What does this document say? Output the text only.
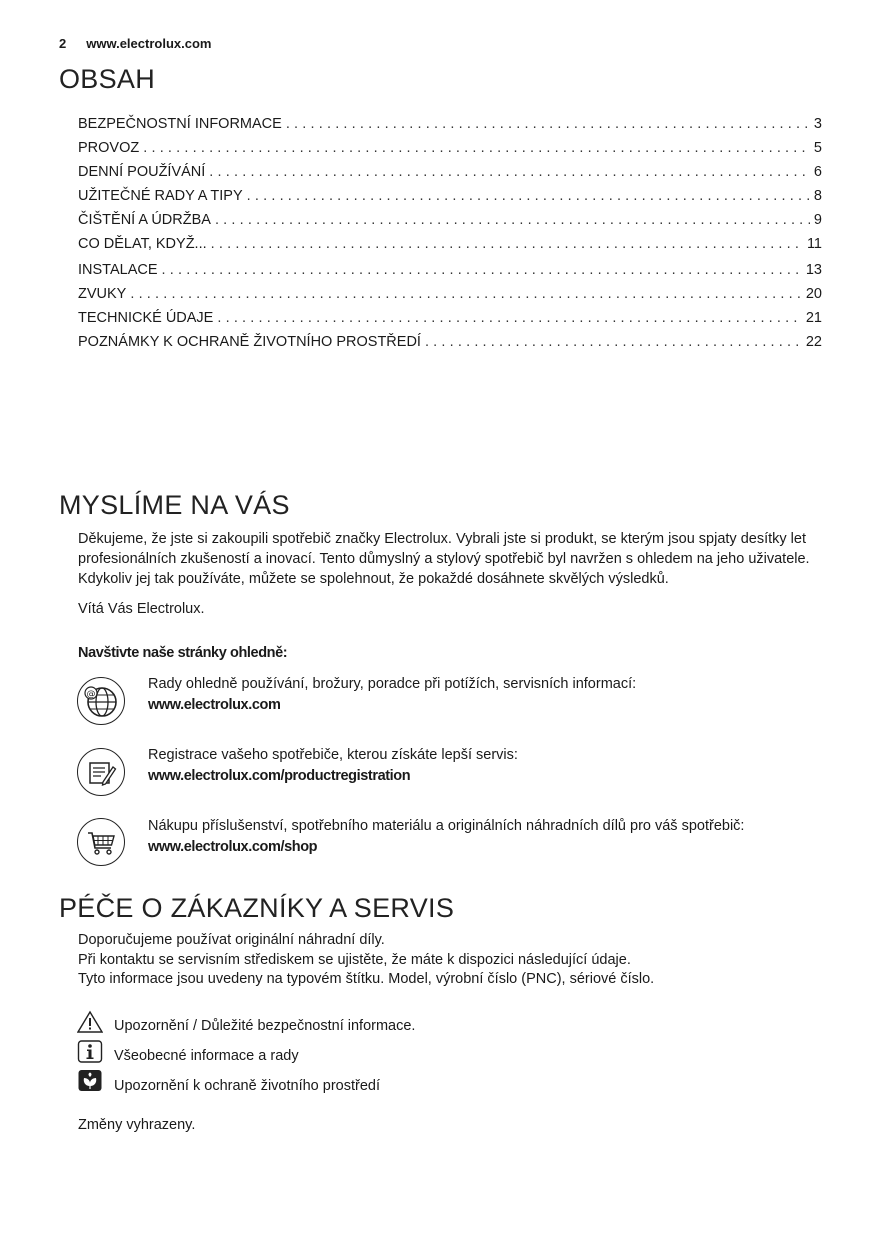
2 www.electrolux.com
OBSAH
BEZPEČNOSTNÍ INFORMACE .....	3
PROVOZ .....	5
DENNÍ POUŽÍVÁNÍ .....	6
UŽITEČNÉ RADY A TIPY .....	8
ČIŠTĚNÍ A ÚDRŽBA .....	9
CO DĚLAT, KDYŽ... .....	11
INSTALACE .....	13
ZVUKY .....	20
TECHNICKÉ ÚDAJE .....	21
POZNÁMKY K OCHRANĚ ŽIVOTNÍHO PROSTŘEDÍ .....	22
MYSLÍME NA VÁS
Děkujeme, že jste si zakoupili spotřebič značky Electrolux. Vybrali jste si produkt, se kterým jsou spjaty desítky let profesionálních zkušeností a inovací. Tento důmyslný a stylový spotřebič byl navržen s ohledem na jeho uživatele. Kdykoliv jej tak používáte, můžete se spolehnout, že pokaždé dosáhnete skvělých výsledků.
Vítá Vás Electrolux.
Navštivte naše stránky ohledně:
@
Rady ohledně používání, brožury, poradce při potížích, servisních informací:
www.electrolux.com
Registrace vašeho spotřebiče, kterou získáte lepší servis:
www.electrolux.com/productregistration
Nákupu příslušenství, spotřebního materiálu a originálních náhradních dílů pro váš spotřebič:
www.electrolux.com/shop
PÉČE O ZÁKAZNÍKY A SERVIS
Doporučujeme používat originální náhradní díly.
Při kontaktu se servisním střediskem se ujistěte, že máte k dispozici následující údaje.
Tyto informace jsou uvedeny na typovém štítku. Model, výrobní číslo (PNC), sériové číslo.
Upozornění / Důležité bezpečnostní informace.
Všeobecné informace a rady
Upozornění k ochraně životního prostředí
Změny vyhrazeny.
